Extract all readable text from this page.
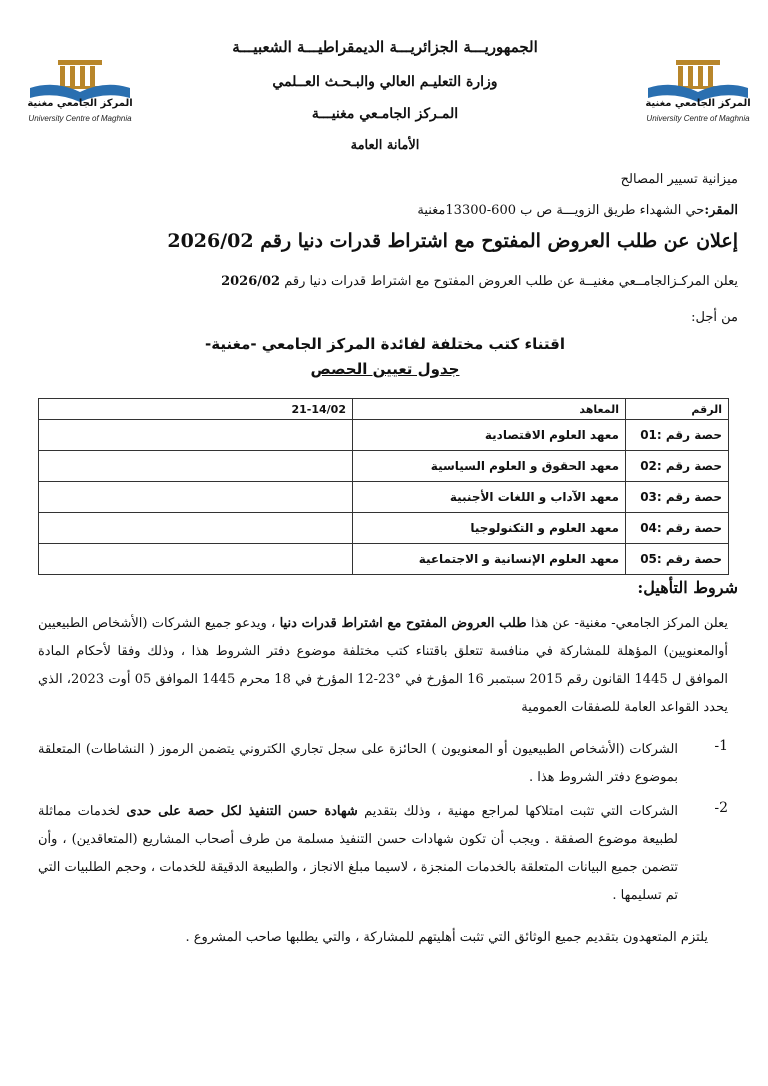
المركز الجامعي مغنية
University Centre of Maghnia
المركز الجامعي مغنية
University Centre of Maghnia
الجمهوريـــة الجزائريـــة الديمقراطيـــة الشعبيـــة
وزارة التعليـم العالي والبـحـث العــلمي
المـركز الجامـعي مغنيـــة
الأمانة العامة
ميزانية تسيير المصالح
المقر:حي الشهداء طريق الزويـــة ص ب 600-13300مغنية
إعلان عن طلب العروض المفتوح مع اشتراط قدرات دنيا رقم 2026/02
يعلن المركـزالجامــعي مغنيــة عن طلب العروض المفتوح مع اشتراط قدرات دنيا رقم 2026/02
من أجل:
اقتناء كتب مختلفة لفائدة المركز الجامعي -مغنية-
جدول تعيين الحصص
الرقم	المعاهد	21-14/02
حصة رقم :01	معهد العلوم الاقتصادية	
حصة رقم :02	معهد الحقوق و العلوم السياسية	
حصة رقم :03	معهد الآداب و اللغات الأجنبية	
حصة رقم :04	معهد العلوم و التكنولوجيا	
حصة رقم :05	معهد العلوم الإنسانية و الاجتماعية	
شروط التأهيل:
يعلن المركز الجامعي- مغنية- عن هذا طلب العروض المفتوح مع اشتراط قدرات دنيا ، ويدعو جميع الشركات (الأشخاص الطبيعيين أوالمعنويين) المؤهلة للمشاركة في منافسة تتعلق باقتناء كتب مختلفة موضوع دفتر الشروط هذا ، وذلك وفقا لأحكام المادة الموافق ل 1445 القانون رقم 2015 سبتمبر 16 المؤرخ في °23-12 المؤرخ في 18 محرم 1445 الموافق 05 أوت 2023، الذي يحدد القواعد العامة للصفقات العمومية
-1
الشركات (الأشخاص الطبيعيون أو المعنويون ) الحائزة على سجل تجاري الكتروني يتضمن الرموز ( النشاطات) المتعلقة بموضوع دفتر الشروط هذا .
-2
الشركات التي تثبت امتلاكها لمراجع مهنية ، وذلك بتقديم شهادة حسن التنفيذ لكل حصة على حدى لخدمات مماثلة لطبيعة موضوع الصفقة . ويجب أن تكون شهادات حسن التنفيذ مسلمة من طرف أصحاب المشاريع (المتعاقدين) ، وأن تتضمن جميع البيانات المتعلقة بالخدمات المنجزة ، لاسيما مبلغ الانجاز ، والطبيعة الدقيقة للخدمات ، وحجم الطلبيات التي تم تسليمها .
يلتزم المتعهدون بتقديم جميع الوثائق التي تثبت أهليتهم للمشاركة ، والتي يطلبها صاحب المشروع .
